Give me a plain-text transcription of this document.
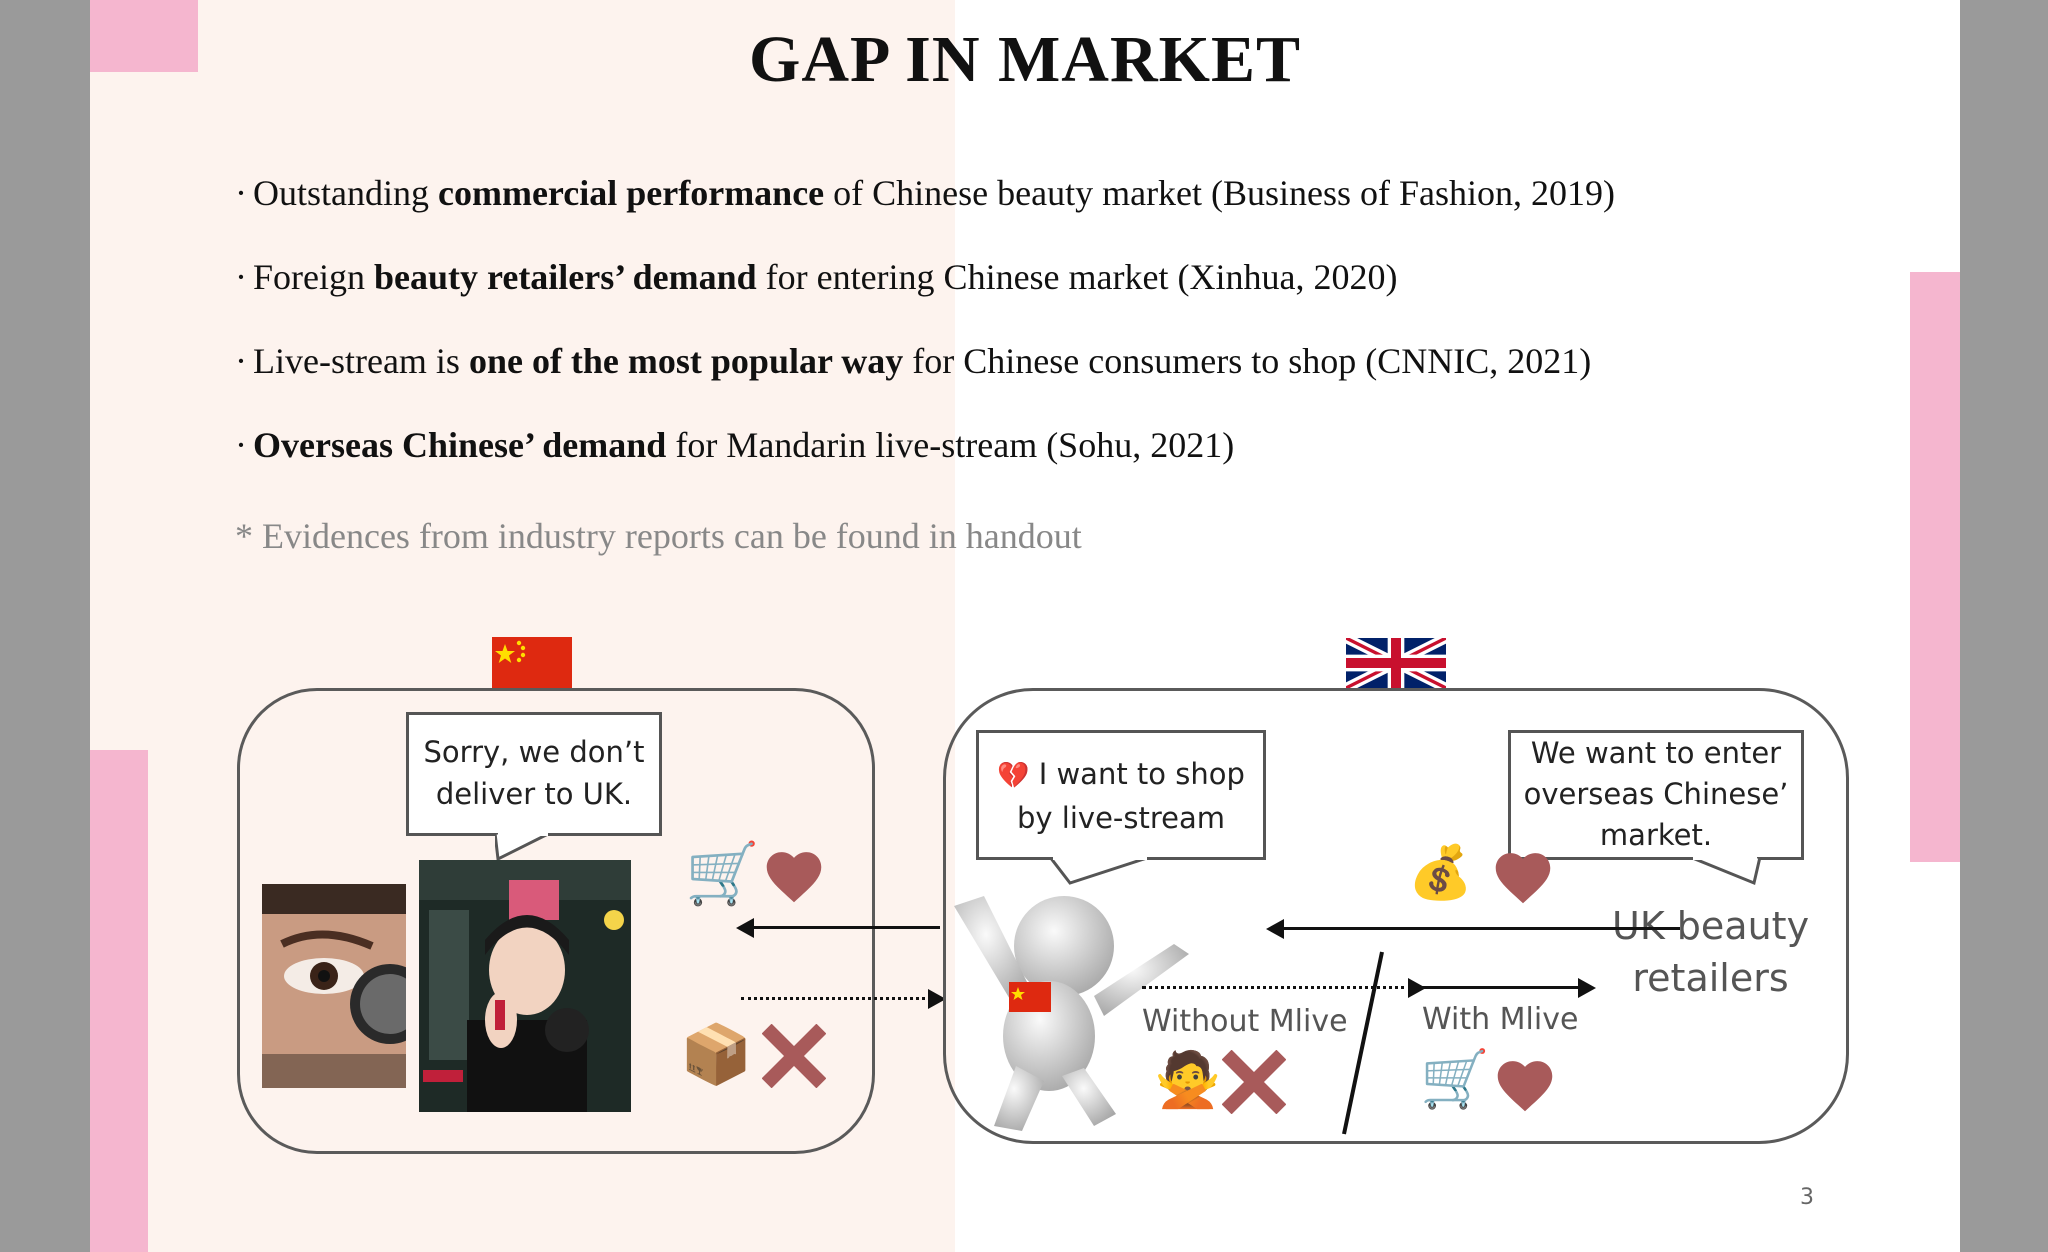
GAP IN MARKET
· Outstanding commercial performance of Chinese beauty market (Business of Fashion, 2019)
· Foreign beauty retailers’ demand for entering Chinese market (Xinhua, 2020)
· Live-stream is one of the most popular way for Chinese consumers to shop (CNNIC, 2021)
· Overseas Chinese’ demand for Mandarin live-stream (Sohu, 2021)
* Evidences from industry reports can be found in handout
Sorry, we don’t
deliver to UK.
🛒
📦
💔 I want to shop
by live-stream
We want to enter
overseas Chinese’
market.
💰
UK beauty
retailers
Without Mlive With Mlive
🙅	🛒
3
